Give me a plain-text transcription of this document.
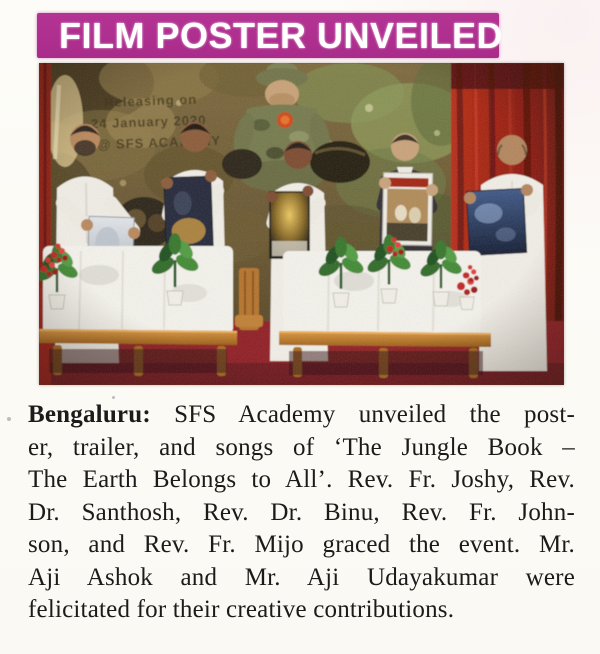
FILM POSTER UNVEILED
Bengaluru: SFS Academy unveiled the post-
er, trailer, and songs of ‘The Jungle Book –
The Earth Belongs to All’. Rev. Fr. Joshy, Rev.
Dr. Santhosh, Rev. Dr. Binu, Rev. Fr. John-
son, and Rev. Fr. Mijo graced the event. Mr.
Aji Ashok and Mr. Aji Udayakumar were
felicitated for their creative contributions.
